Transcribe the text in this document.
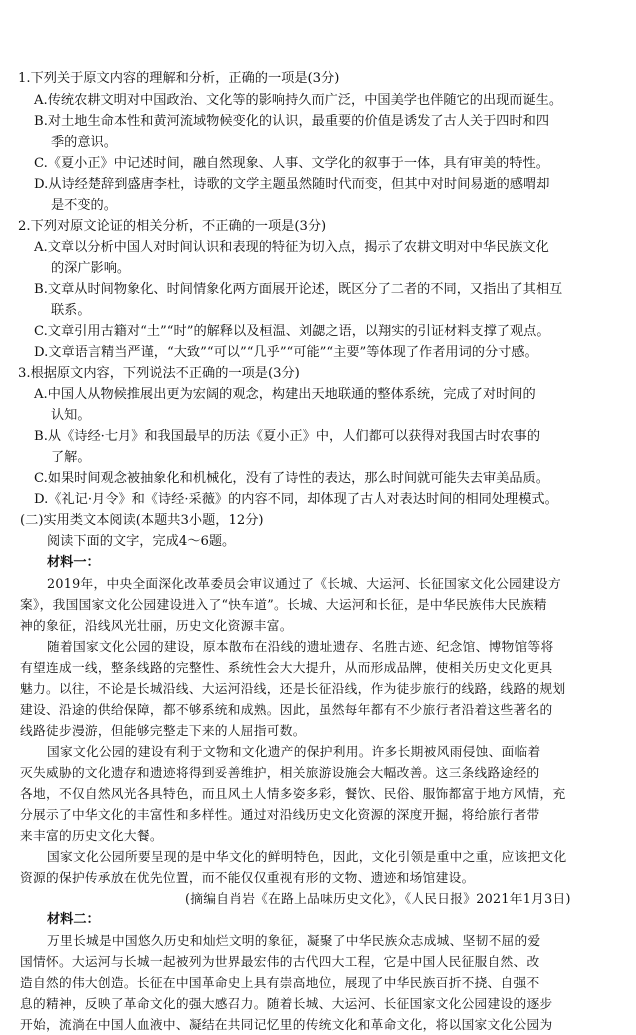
1.下列关于原文内容的理解和分析，正确的一项是(3分)
A.传统农耕文明对中国政治、文化等的影响持久而广泛，中国美学也伴随它的出现而诞生。
B.对土地生命本性和黄河流域物候变化的认识，最重要的价值是诱发了古人关于四时和四
季的意识。
C.《夏小正》中记述时间，融自然现象、人事、文学化的叙事于一体，具有审美的特性。
D.从诗经楚辞到盛唐李杜，诗歌的文学主题虽然随时代而变，但其中对时间易逝的感喟却
是不变的。
2.下列对原文论证的相关分析，不正确的一项是(3分)
A.文章以分析中国人对时间认识和表现的特征为切入点，揭示了农耕文明对中华民族文化
的深广影响。
B.文章从时间物象化、时间情象化两方面展开论述，既区分了二者的不同，又指出了其相互
联系。
C.文章引用古籍对“土”“时”的解释以及桓温、刘勰之语，以翔实的引证材料支撑了观点。
D.文章语言精当严谨，“大致”“可以”“几乎”“可能”“主要”等体现了作者用词的分寸感。
3.根据原文内容，下列说法不正确的一项是(3分)
A.中国人从物候推展出更为宏阔的观念，构建出天地联通的整体系统，完成了对时间的
认知。
B.从《诗经·七月》和我国最早的历法《夏小正》中，人们都可以获得对我国古时农事的
了解。
C.如果时间观念被抽象化和机械化，没有了诗性的表达，那么时间就可能失去审美品质。
D.《礼记·月令》和《诗经·采薇》的内容不同，却体现了古人对表达时间的相同处理模式。
(二)实用类文本阅读(本题共3小题，12分)
阅读下面的文字，完成4～6题。
材料一：
2019年，中央全面深化改革委员会审议通过了《长城、大运河、长征国家文化公园建设方
案》，我国国家文化公园建设进入了“快车道”。长城、大运河和长征，是中华民族伟大民族精
神的象征，沿线风光壮丽，历史文化资源丰富。
随着国家文化公园的建设，原本散布在沿线的遗址遗存、名胜古迹、纪念馆、博物馆等将
有望连成一线，整条线路的完整性、系统性会大大提升，从而形成品牌，使相关历史文化更具
魅力。以往，不论是长城沿线、大运河沿线，还是长征沿线，作为徒步旅行的线路，线路的规划
建设、沿途的供给保障，都不够系统和成熟。因此，虽然每年都有不少旅行者沿着这些著名的
线路徒步漫游，但能够完整走下来的人屈指可数。
国家文化公园的建设有利于文物和文化遗产的保护利用。许多长期被风雨侵蚀、面临着
灭失威胁的文化遗存和遗迹将得到妥善维护，相关旅游设施会大幅改善。这三条线路途经的
各地，不仅自然风光各具特色，而且风土人情多姿多彩，餐饮、民俗、服饰都富于地方风情，充
分展示了中华文化的丰富性和多样性。通过对沿线历史文化资源的深度开掘，将给旅行者带
来丰富的历史文化大餐。
国家文化公园所要呈现的是中华文化的鲜明特色，因此，文化引领是重中之重，应该把文化
资源的保护传承放在优先位置，而不能仅仅重视有形的文物、遗迹和场馆建设。
(摘编自肖岩《在路上品味历史文化》，《人民日报》2021年1月3日)
材料二：
万里长城是中国悠久历史和灿烂文明的象征，凝聚了中华民族众志成城、坚韧不屈的爱
国情怀。大运河与长城一起被列为世界最宏伟的古代四大工程，它是中国人民征服自然、改
造自然的伟大创造。长征在中国革命史上具有崇高地位，展现了中华民族百折不挠、自强不
息的精神，反映了革命文化的强大感召力。随着长城、大运河、长征国家文化公园建设的逐步
开始，流淌在中国人血液中、凝结在共同记忆里的传统文化和革命文化，将以国家文化公园为
